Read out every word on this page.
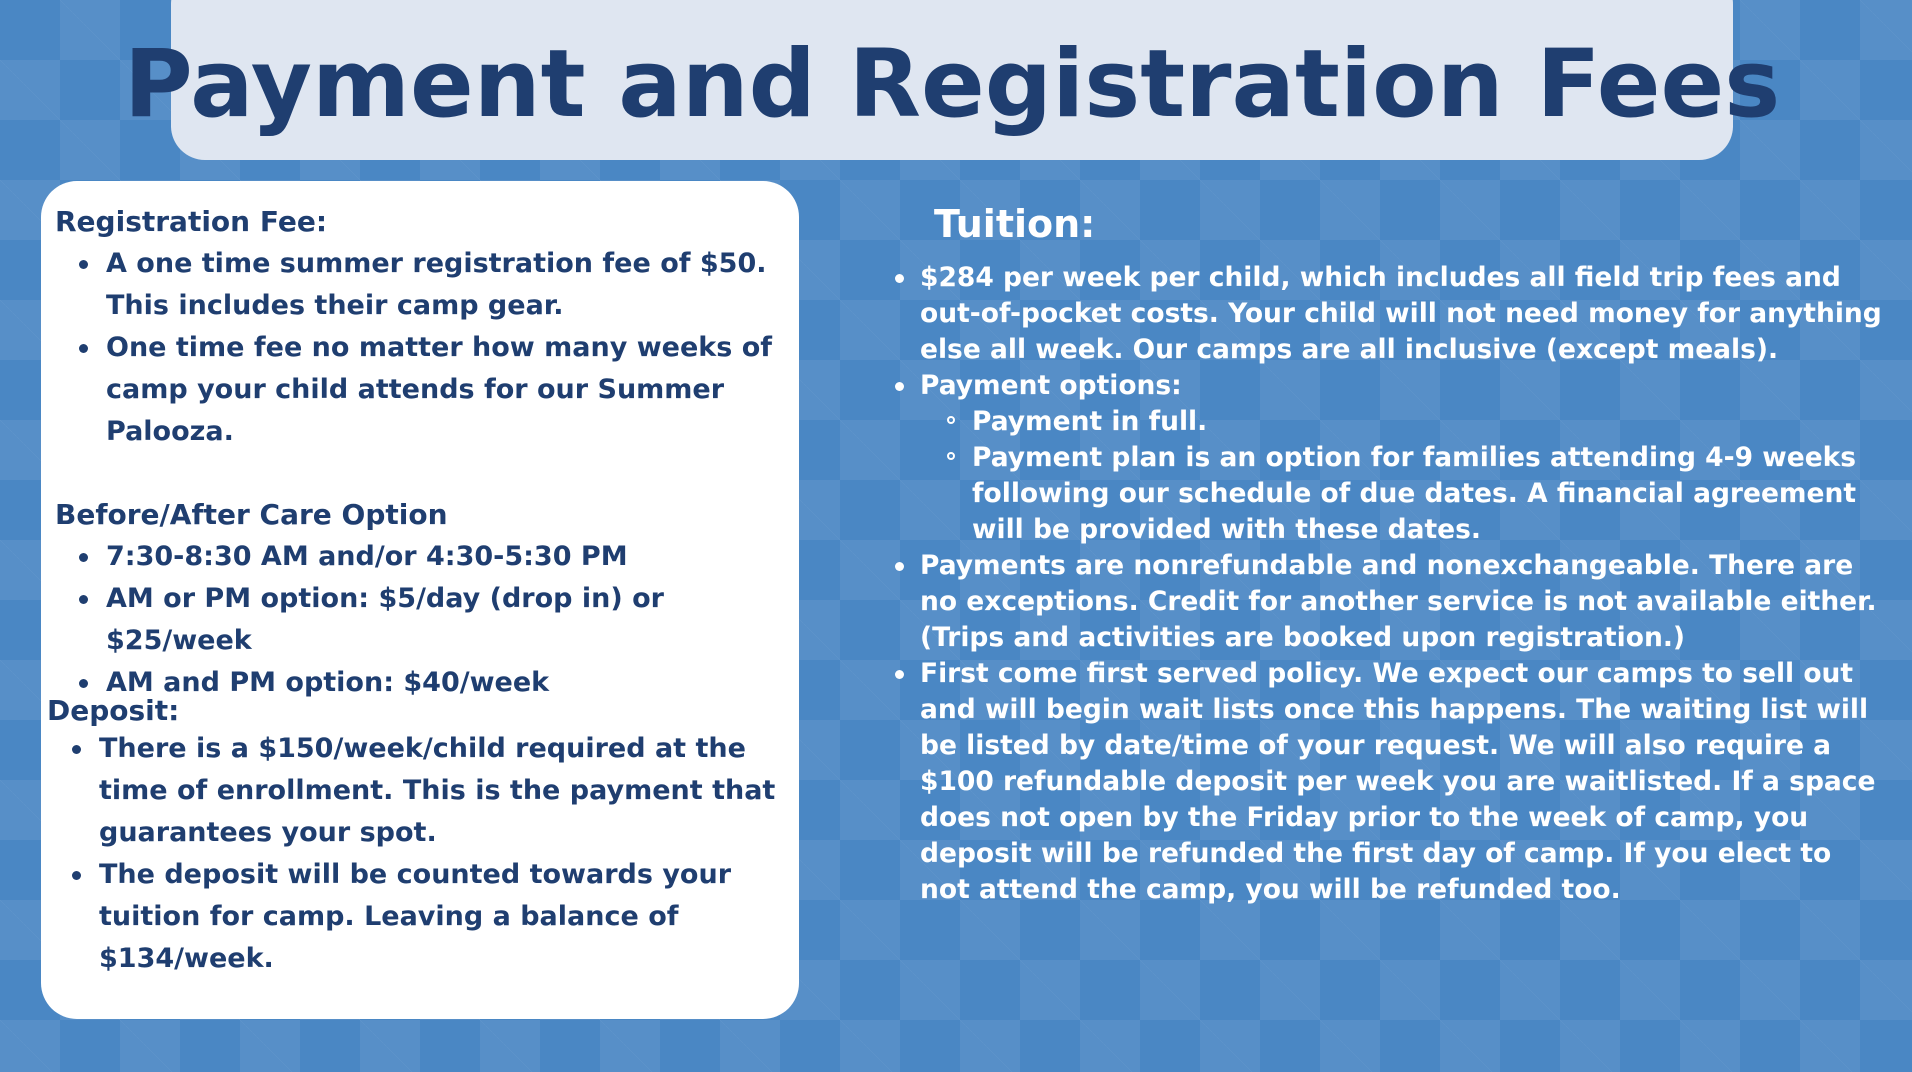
Payment and Registration Fees
Registration Fee:
A one time summer registration fee of $50. This includes their camp gear.
One time fee no matter how many weeks of camp your child attends for our Summer Palooza.
Before/After Care Option
7:30-8:30 AM and/or 4:30-5:30 PM
AM or PM option: $5/day (drop in) or $25/week
AM and PM option: $40/week
Deposit:
There is a $150/week/child required at the time of enrollment. This is the payment that guarantees your spot.
The deposit will be counted towards your tuition for camp. Leaving a balance of $134/week.
Tuition:
$284 per week per child, which includes all field trip fees and out-of-pocket costs. Your child will not need money for anything else all week. Our camps are all inclusive (except meals).
Payment options:
Payment in full.
Payment plan is an option for families attending 4-9 weeks following our schedule of due dates. A financial agreement will be provided with these dates.
Payments are nonrefundable and nonexchangeable. There are no exceptions. Credit for another service is not available either. (Trips and activities are booked upon registration.)
First come first served policy. We expect our camps to sell out and will begin wait lists once this happens. The waiting list will be listed by date/time of your request. We will also require a $100 refundable deposit per week you are waitlisted. If a space does not open by the Friday prior to the week of camp, you deposit will be refunded the first day of camp. If you elect to not attend the camp, you will be refunded too.
